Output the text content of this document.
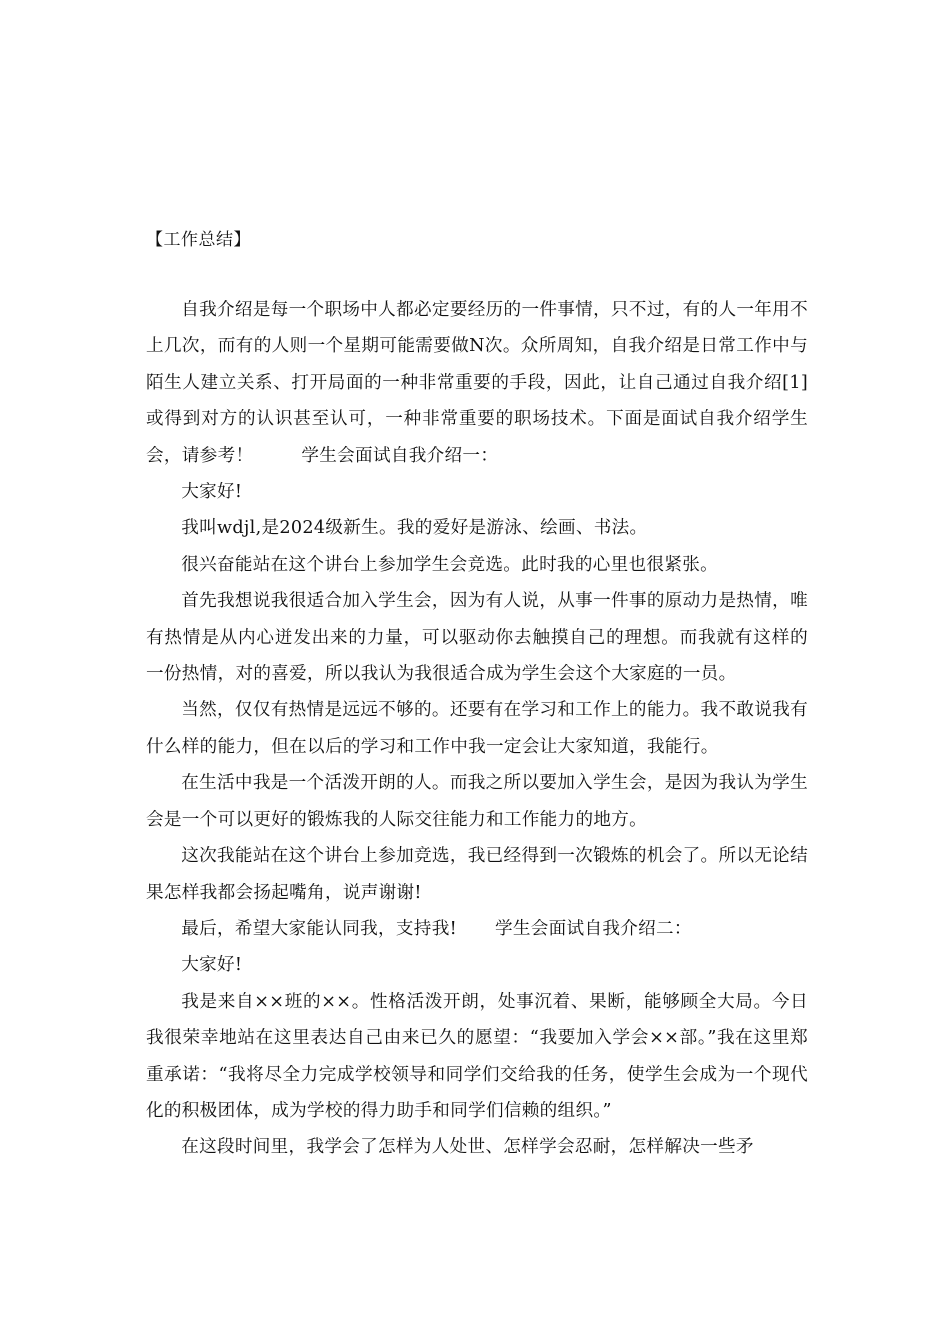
【工作总结】

自我介绍是每一个职场中人都必定要经历的一件事情，只不过，有的人一年用不上几次，而有的人则一个星期可能需要做N次。众所周知，自我介绍是日常工作中与陌生人建立关系、打开局面的一种非常重要的手段，因此，让自己通过自我介绍[1]或得到对方的认识甚至认可，一种非常重要的职场技术。下面是面试自我介绍学生会，请参考！	学生会面试自我介绍一：

大家好!

我叫wdjl,是2024级新生。我的爱好是游泳、绘画、书法。

很兴奋能站在这个讲台上参加学生会竞选。此时我的心里也很紧张。

首先我想说我很适合加入学生会，因为有人说，从事一件事的原动力是热情，唯有热情是从内心迸发出来的力量，可以驱动你去触摸自己的理想。而我就有这样的一份热情，对的喜爱，所以我认为我很适合成为学生会这个大家庭的一员。

当然，仅仅有热情是远远不够的。还要有在学习和工作上的能力。我不敢说我有什么样的能力，但在以后的学习和工作中我一定会让大家知道，我能行。

在生活中我是一个活泼开朗的人。而我之所以要加入学生会，是因为我认为学生会是一个可以更好的锻炼我的人际交往能力和工作能力的地方。

这次我能站在这个讲台上参加竞选，我已经得到一次锻炼的机会了。所以无论结果怎样我都会扬起嘴角，说声谢谢!

最后，希望大家能认同我，支持我! 学生会面试自我介绍二：

大家好!

我是来自××班的××。性格活泼开朗，处事沉着、果断，能够顾全大局。今日我很荣幸地站在这里表达自己由来已久的愿望：“我要加入学会××部。”我在这里郑重承诺：“我将尽全力完成学校领导和同学们交给我的任务，使学生会成为一个现代化的积极团体，成为学校的得力助手和同学们信赖的组织。”

在这段时间里，我学会了怎样为人处世、怎样学会忍耐，怎样解决一些矛
